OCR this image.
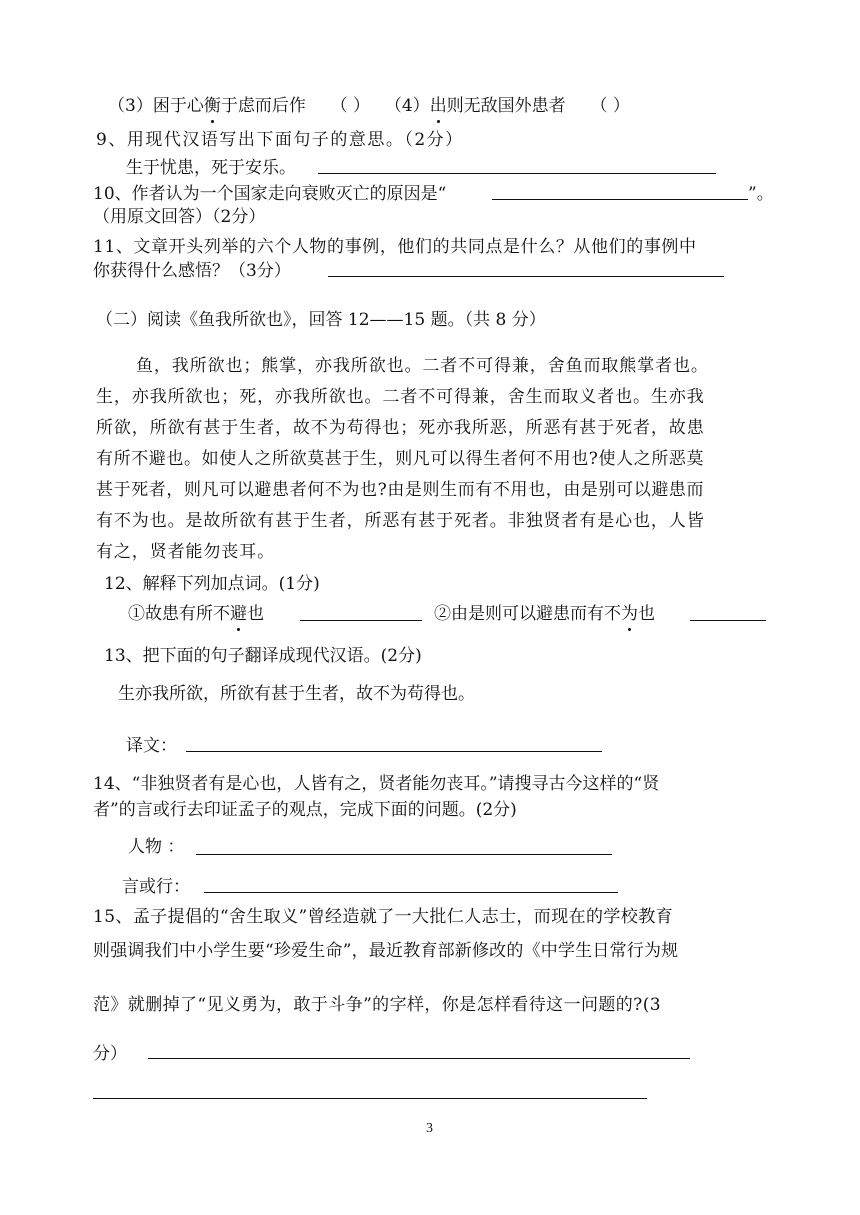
（3）困于心衡于虑而后作 （ ） （4）出则无敌国外患者 （ ）
9、用现代汉语写出下面句子的意思。（2分）
生于忧患，死于安乐。
10、作者认为一个国家走向衰败灭亡的原因是“	”。
（用原文回答）（2分）
11、文章开头列举的六个人物的事例，他们的共同点是什么？从他们的事例中
你获得什么感悟？（3分）
（二）阅读《鱼我所欲也》，回答 12——15 题。（共 8 分）
鱼，我所欲也；熊掌，亦我所欲也。二者不可得兼，舍鱼而取熊掌者也。
生，亦我所欲也；死，亦我所欲也。二者不可得兼，舍生而取义者也。生亦我
所欲，所欲有甚于生者，故不为苟得也；死亦我所恶，所恶有甚于死者，故患
有所不避也。如使人之所欲莫甚于生，则凡可以得生者何不用也?使人之所恶莫
甚于死者，则凡可以避患者何不为也?由是则生而有不用也，由是别可以避患而
有不为也。是故所欲有甚于生者，所恶有甚于死者。非独贤者有是心也，人皆
有之，贤者能勿丧耳。
12、解释下列加点词。(1分)
①故患有所不避也	②由是则可以避患而有不为也
13、把下面的句子翻译成现代汉语。(2分)
生亦我所欲，所欲有甚于生者，故不为苟得也。
译文：
14、“非独贤者有是心也，人皆有之，贤者能勿丧耳。”请搜寻古今这样的“贤
者”的言或行去印证孟子的观点，完成下面的问题。(2分)
人物 ：
言或行：
15、孟子提倡的“舍生取义”曾经造就了一大批仁人志士，而现在的学校教育
则强调我们中小学生要“珍爱生命”，最近教育部新修改的《中学生日常行为规
范》就删掉了“见义勇为，敢于斗争”的字样，你是怎样看待这一问题的?(3
分）
3
